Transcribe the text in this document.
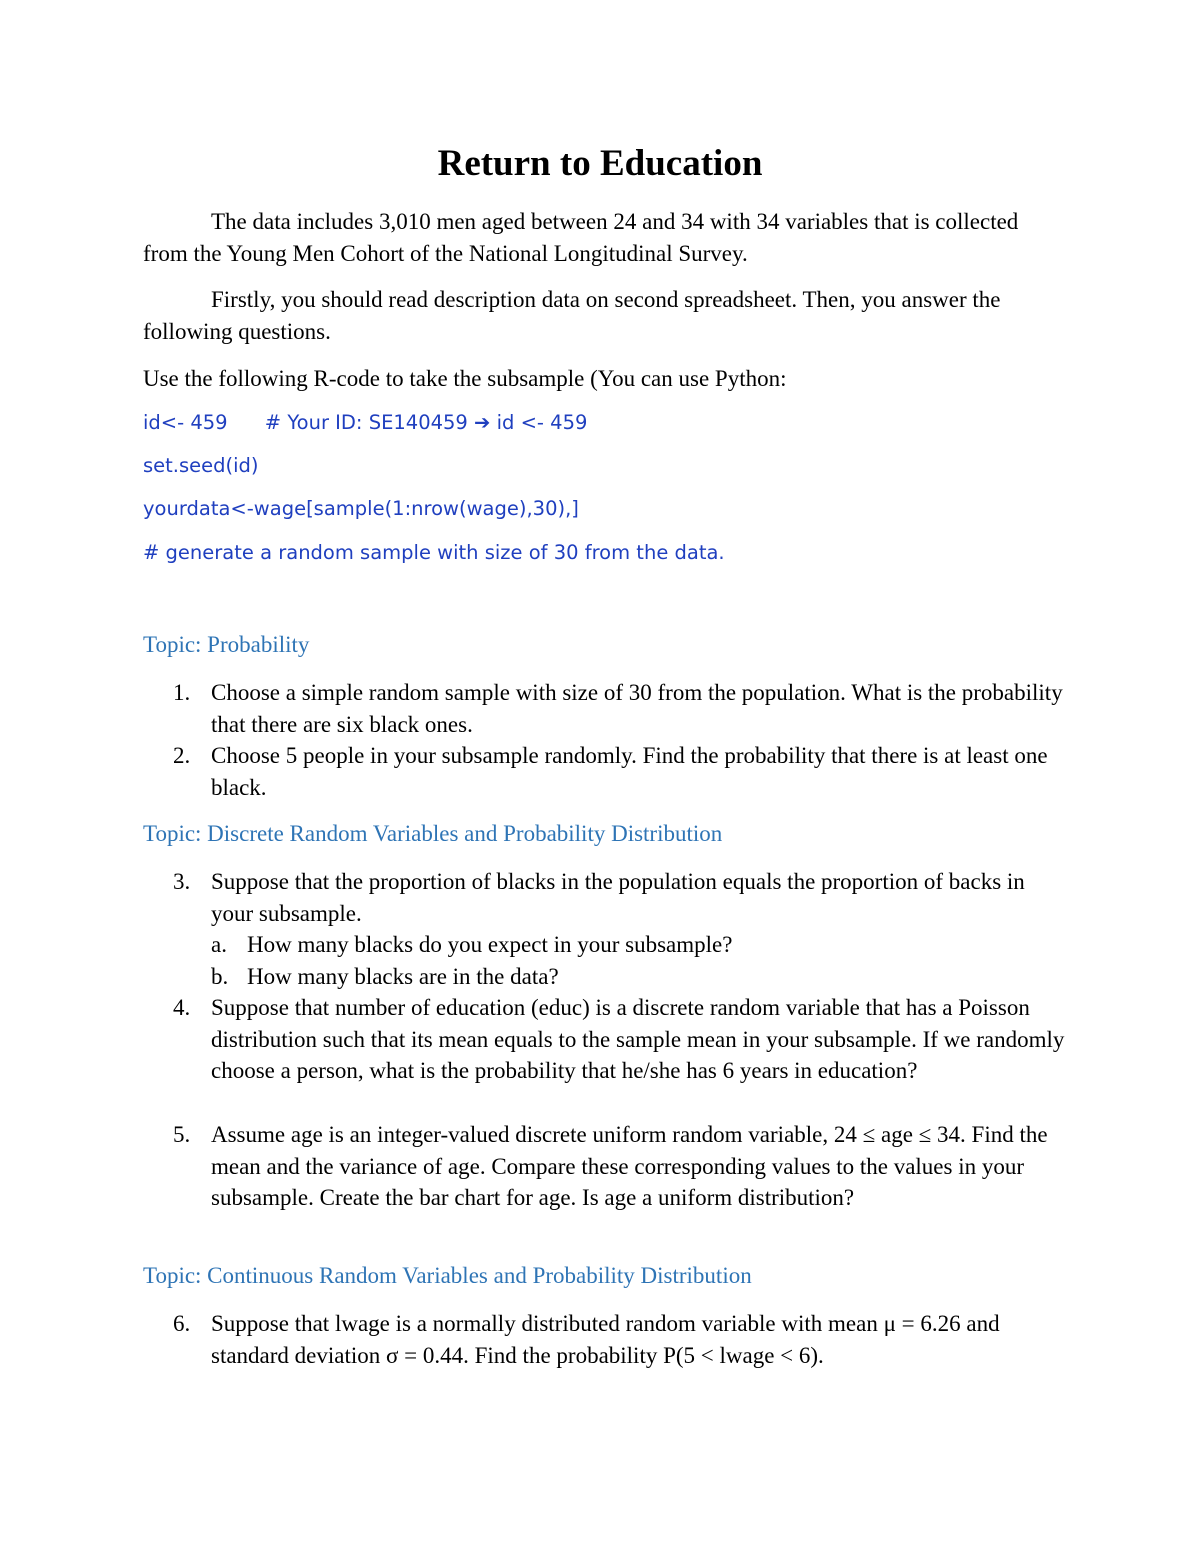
Return to Education
The data includes 3,010 men aged between 24 and 34 with 34 variables that is collected from the Young Men Cohort of the National Longitudinal Survey.
Firstly, you should read description data on second spreadsheet. Then, you answer the following questions.
Use the following R-code to take the subsample (You can use Python:
id<- 459 # Your ID: SE140459 ➔ id <- 459
set.seed(id)
yourdata<-wage[sample(1:nrow(wage),30),]
# generate a random sample with size of 30 from the data.
Topic: Probability
1. Choose a simple random sample with size of 30 from the population. What is the probability that there are six black ones.
2. Choose 5 people in your subsample randomly. Find the probability that there is at least one black.
Topic: Discrete Random Variables and Probability Distribution
3. Suppose that the proportion of blacks in the population equals the proportion of backs in your subsample.
a. How many blacks do you expect in your subsample?
b. How many blacks are in the data?
4. Suppose that number of education (educ) is a discrete random variable that has a Poisson distribution such that its mean equals to the sample mean in your subsample. If we randomly choose a person, what is the probability that he/she has 6 years in education?
5. Assume age is an integer-valued discrete uniform random variable, 24 ≤ age ≤ 34. Find the mean and the variance of age. Compare these corresponding values to the values in your subsample. Create the bar chart for age. Is age a uniform distribution?
Topic: Continuous Random Variables and Probability Distribution
6. Suppose that lwage is a normally distributed random variable with mean μ = 6.26 and standard deviation σ = 0.44. Find the probability P(5 < lwage < 6).
